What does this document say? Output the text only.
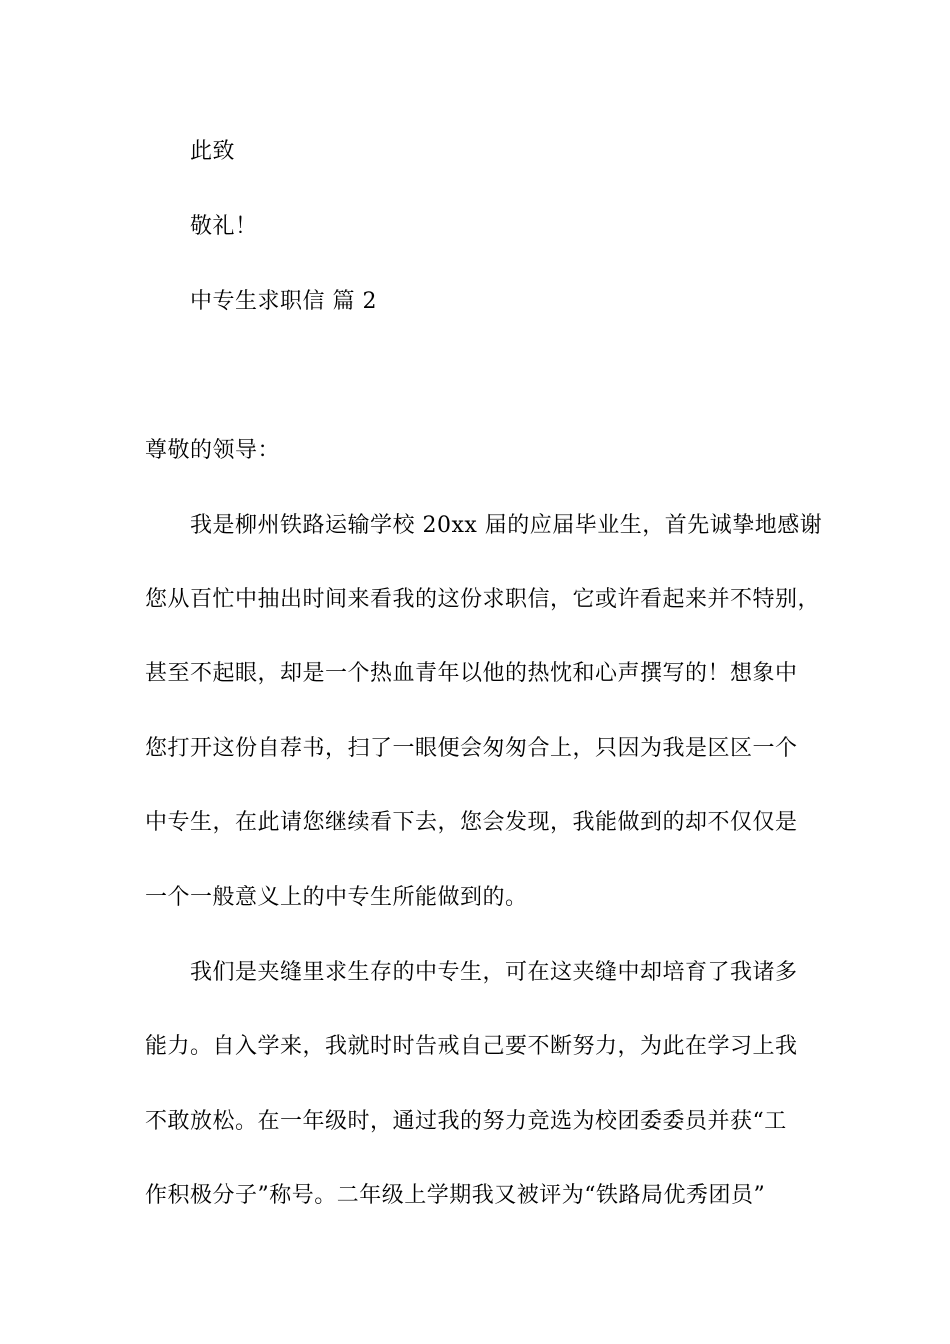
此致
敬礼！
中专生求职信 篇 2
尊敬的领导：
我是柳州铁路运输学校 20xx 届的应届毕业生，首先诚挚地感谢
您从百忙中抽出时间来看我的这份求职信，它或许看起来并不特别，
甚至不起眼，却是一个热血青年以他的热忱和心声撰写的！想象中
您打开这份自荐书，扫了一眼便会匆匆合上，只因为我是区区一个
中专生，在此请您继续看下去，您会发现，我能做到的却不仅仅是
一个一般意义上的中专生所能做到的。
我们是夹缝里求生存的中专生，可在这夹缝中却培育了我诸多
能力。自入学来，我就时时告戒自己要不断努力，为此在学习上我
不敢放松。在一年级时，通过我的努力竞选为校团委委员并获“工
作积极分子”称号。二年级上学期我又被评为“铁路局优秀团员”
